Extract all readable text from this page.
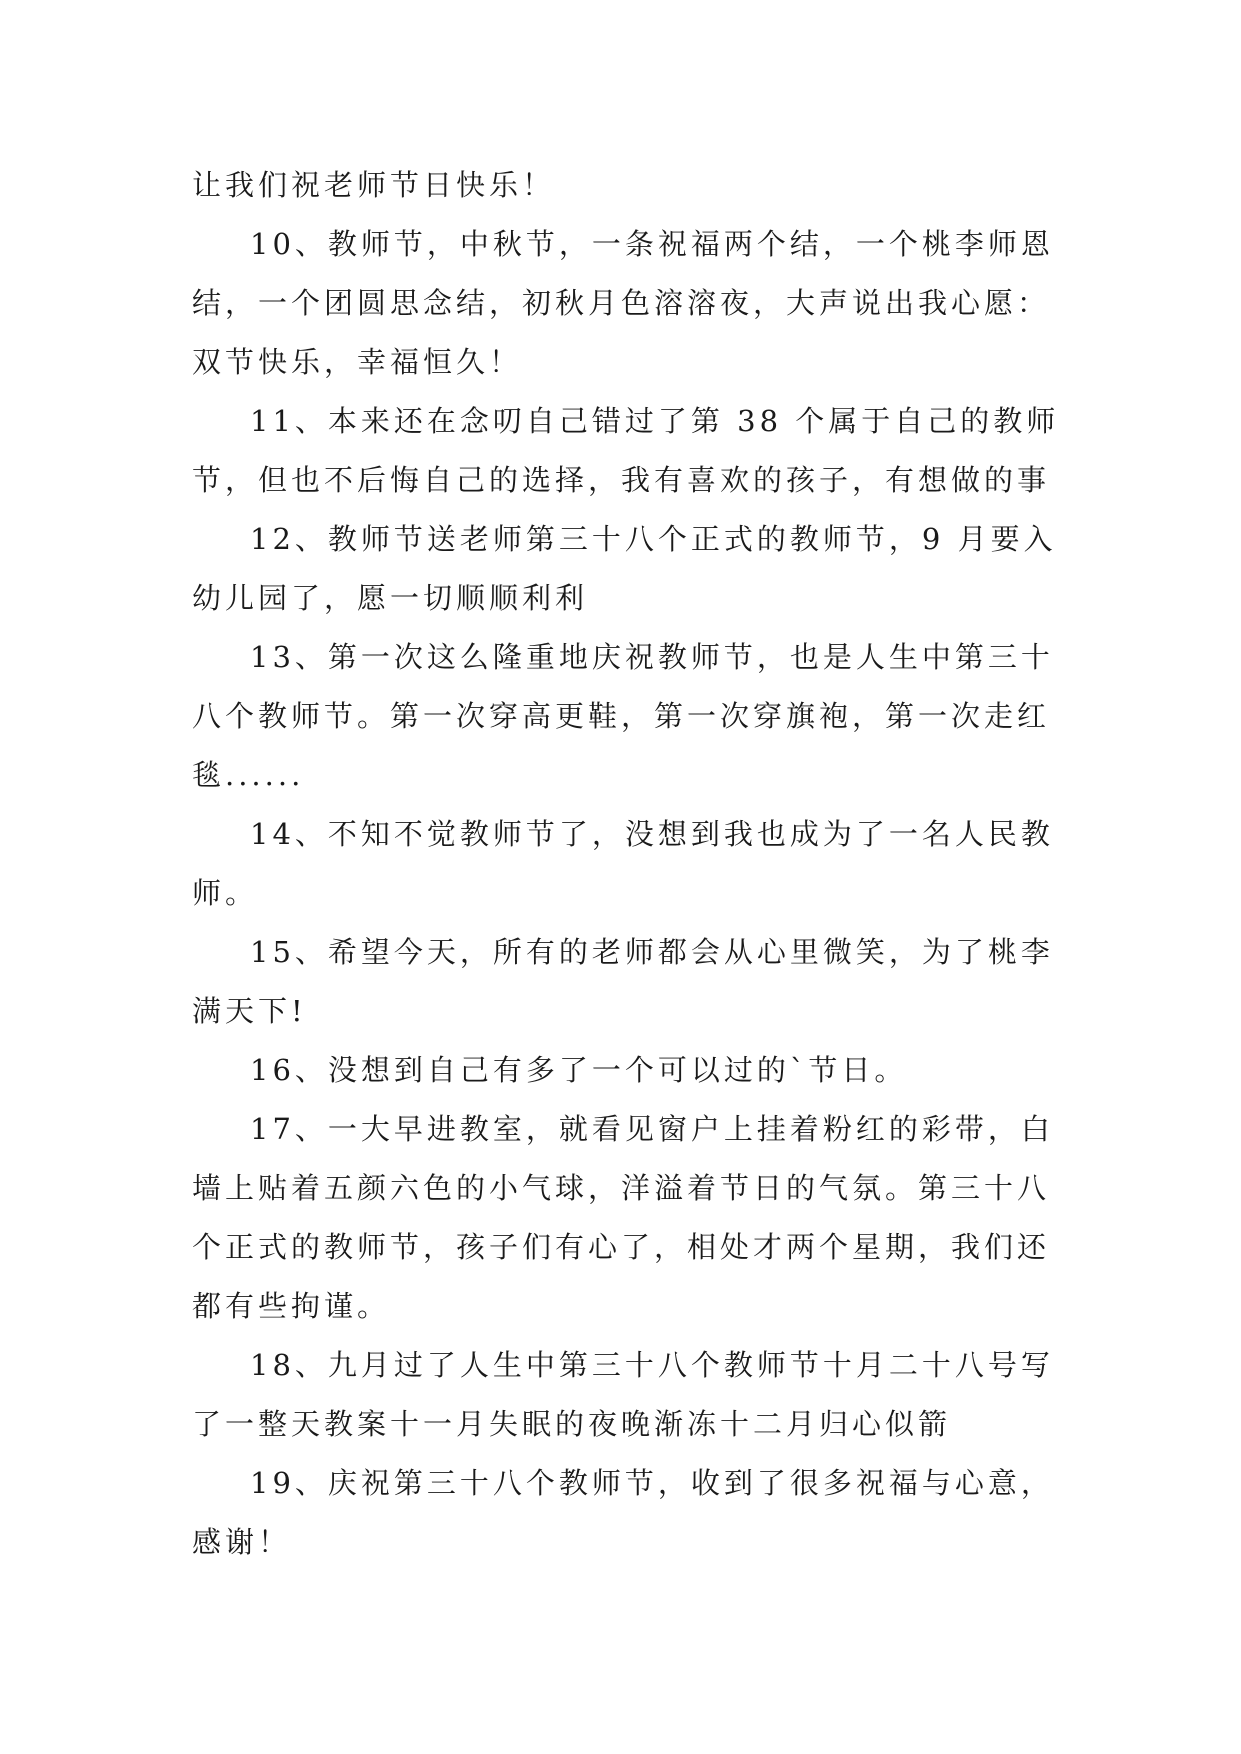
让我们祝老师节日快乐！
10、教师节，中秋节，一条祝福两个结，一个桃李师恩
结，一个团圆思念结，初秋月色溶溶夜，大声说出我心愿：
双节快乐，幸福恒久！
11、本来还在念叨自己错过了第 38 个属于自己的教师
节，但也不后悔自己的选择，我有喜欢的孩子，有想做的事
12、教师节送老师第三十八个正式的教师节，9 月要入
幼儿园了，愿一切顺顺利利
13、第一次这么隆重地庆祝教师节，也是人生中第三十
八个教师节。第一次穿高更鞋，第一次穿旗袍，第一次走红
毯......
14、不知不觉教师节了，没想到我也成为了一名人民教
师。
15、希望今天，所有的老师都会从心里微笑，为了桃李
满天下!
16、没想到自己有多了一个可以过的`节日。
17、一大早进教室，就看见窗户上挂着粉红的彩带，白
墙上贴着五颜六色的小气球，洋溢着节日的气氛。第三十八
个正式的教师节，孩子们有心了，相处才两个星期，我们还
都有些拘谨。
18、九月过了人生中第三十八个教师节十月二十八号写
了一整天教案十一月失眠的夜晚渐冻十二月归心似箭
19、庆祝第三十八个教师节，收到了很多祝福与心意，
感谢！
